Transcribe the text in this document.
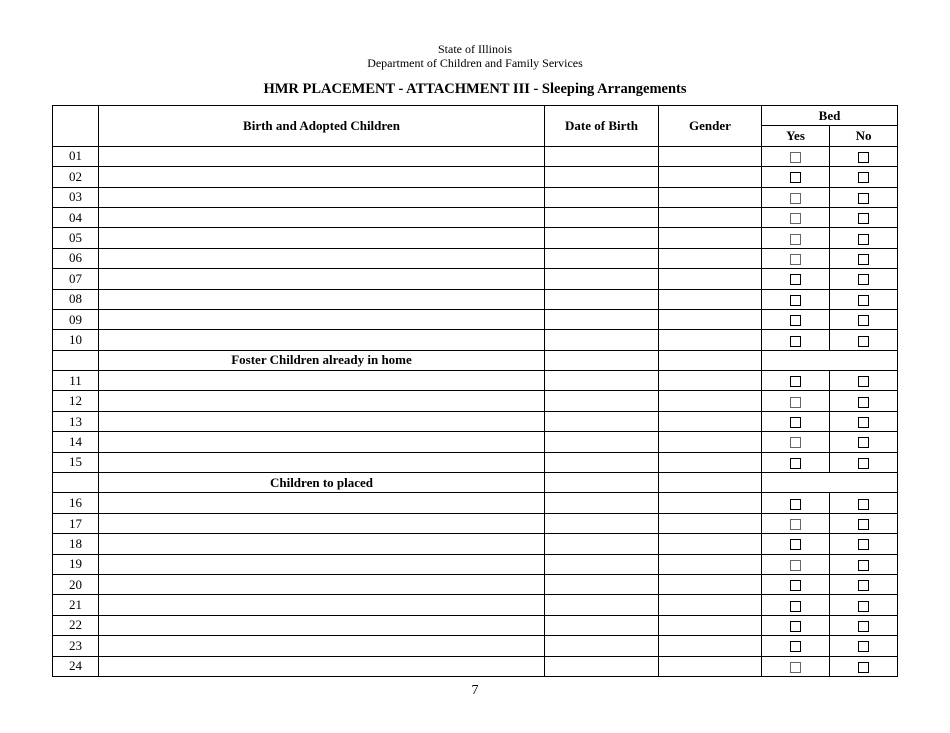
State of Illinois
Department of Children and Family Services
HMR PLACEMENT - ATTACHMENT III - Sleeping Arrangements
	Birth and Adopted Children	Date of Birth	Gender	Bed	
				Yes	No
01					
02					
03					
04					
05					
06					
07					
08					
09					
10					
	Foster Children already in home				
11					
12					
13					
14					
15					
	Children to placed				
16					
17					
18					
19					
20					
21					
22					
23					
24					
7
